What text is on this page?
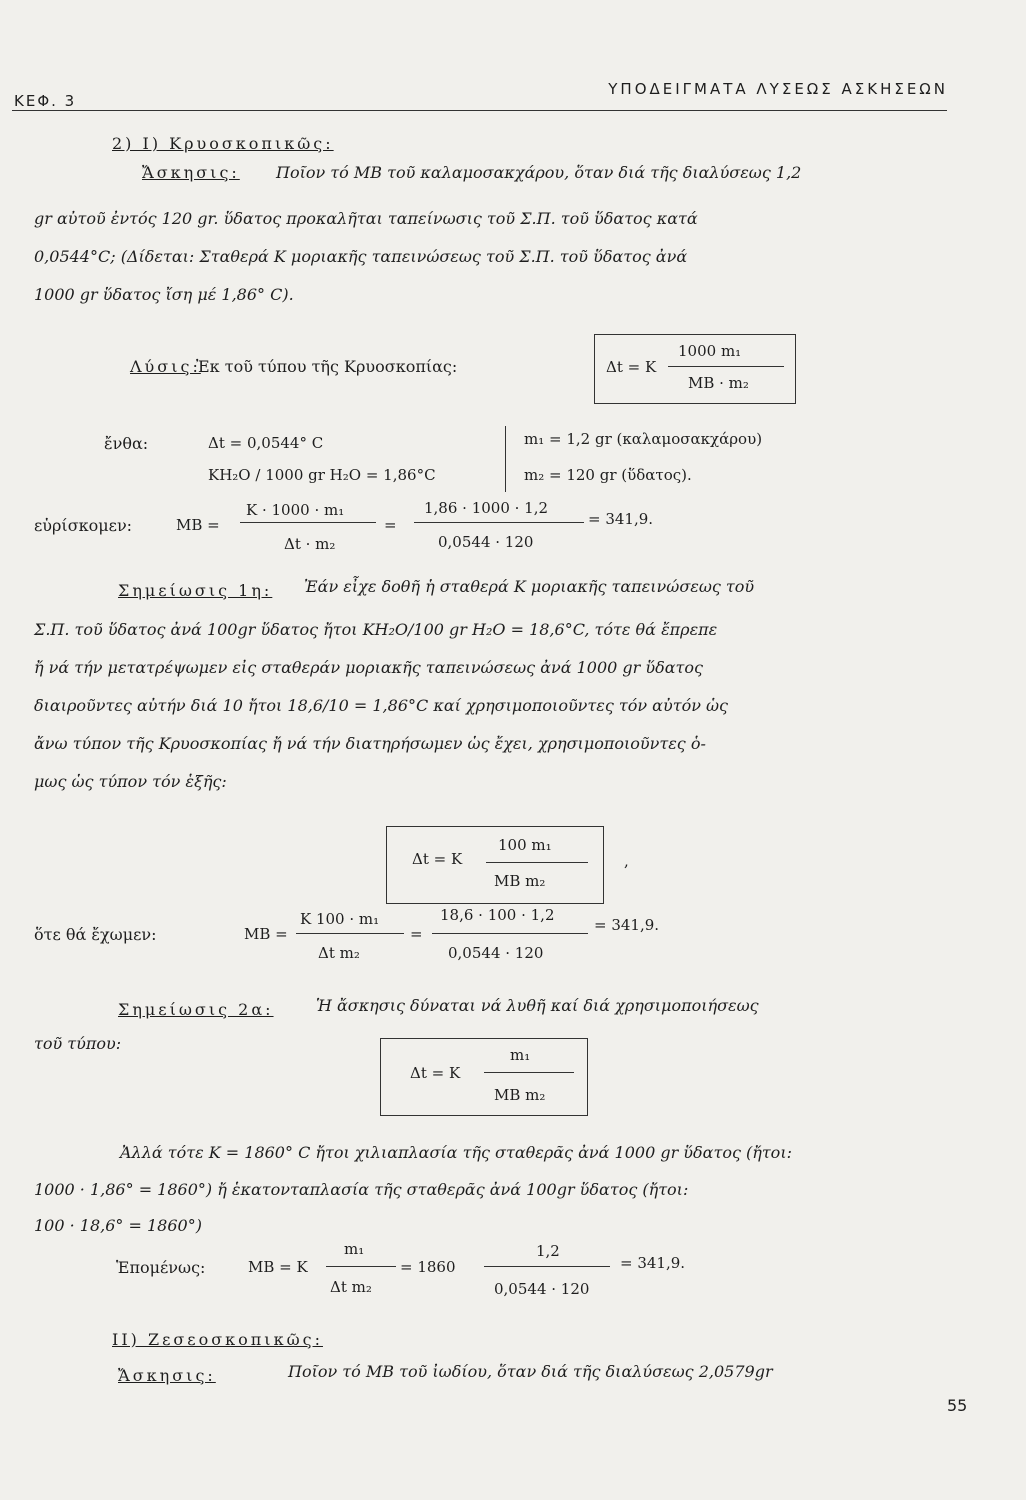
ΚΕΦ. 3
ΥΠΟΔΕΙΓΜΑΤΑ ΛΥΣΕΩΣ ΑΣΚΗΣΕΩΝ
2) I) Κρυοσκοπικῶς:
Ἄσκησις: Ποῖον τό ΜΒ τοῦ καλαμοσακχάρου, ὅταν διά τῆς διαλύσεως 1,2
gr αὐτοῦ ἐντός 120 gr. ὕδατος προκαλῆται ταπείνωσις τοῦ Σ.Π. τοῦ ὕδατος κατά
0,0544°C; (Δίδεται: Σταθερά Κ μοριακῆς ταπεινώσεως τοῦ Σ.Π. τοῦ ὕδατος ἀνά
1000 gr ὕδατος ἴση μέ 1,86° C).
Λύσις:
Ἐκ τοῦ τύπου τῆς Κρυοσκοπίας:	Δt = K
1000 m₁
MB · m₂
ἔνθα:	Δt = 0,0544° C
KH₂O / 1000 gr H₂O = 1,86°C
m₁ = 1,2 gr (καλαμοσακχάρου)
m₂ = 120 gr (ὕδατος).
εὑρίσκομεν:	MB =
K · 1000 · m₁
Δt · m₂
=
1,86 · 1000 · 1,2
0,0544 · 120
= 341,9.
Σημείωσις 1η: Ἐάν εἶχε δοθῆ ἡ σταθερά Κ μοριακῆς ταπεινώσεως τοῦ
Σ.Π. τοῦ ὕδατος ἀνά 100gr ὕδατος ἤτοι KH₂O/100 gr H₂O = 18,6°C, τότε θά ἔπρεπε
ἤ νά τήν μετατρέψωμεν εἰς σταθεράν μοριακῆς ταπεινώσεως ἀνά 1000 gr ὕδατος
διαιροῦντες αὐτήν διά 10 ἤτοι 18,6/10 = 1,86°C καί χρησιμοποιοῦντες τόν αὐτόν ὡς
ἄνω τύπον τῆς Κρυοσκοπίας ἤ νά τήν διατηρήσωμεν ὡς ἔχει, χρησιμοποιοῦντες ὁ-
μως ὡς τύπον τόν ἑξῆς:
Δt = K
100 m₁
MB m₂
,
ὅτε θά ἔχωμεν:	MB =
K 100 · m₁
Δt m₂
=
18,6 · 100 · 1,2
0,0544 · 120
= 341,9.
Σημείωσις 2α:	Ἡ ἄσκησις δύναται νά λυθῆ καί διά χρησιμοποιήσεως
τοῦ τύπου:
Δt = K
m₁
MB m₂
Ἀλλά τότε K = 1860° C ἤτοι χιλιαπλασία τῆς σταθερᾶς ἀνά 1000 gr ὕδατος (ἤτοι:
1000 · 1,86° = 1860°) ἤ ἑκατονταπλασία τῆς σταθερᾶς ἀνά 100gr ὕδατος (ἤτοι:
100 · 18,6° = 1860°)
Ἑπομένως:	MB = K
m₁
Δt m₂
= 1860
1,2
0,0544 · 120
= 341,9.
II) Ζεσεοσκοπικῶς:
Ἄσκησις:	Ποῖον τό ΜΒ τοῦ ἰωδίου, ὅταν διά τῆς διαλύσεως 2,0579gr
55
